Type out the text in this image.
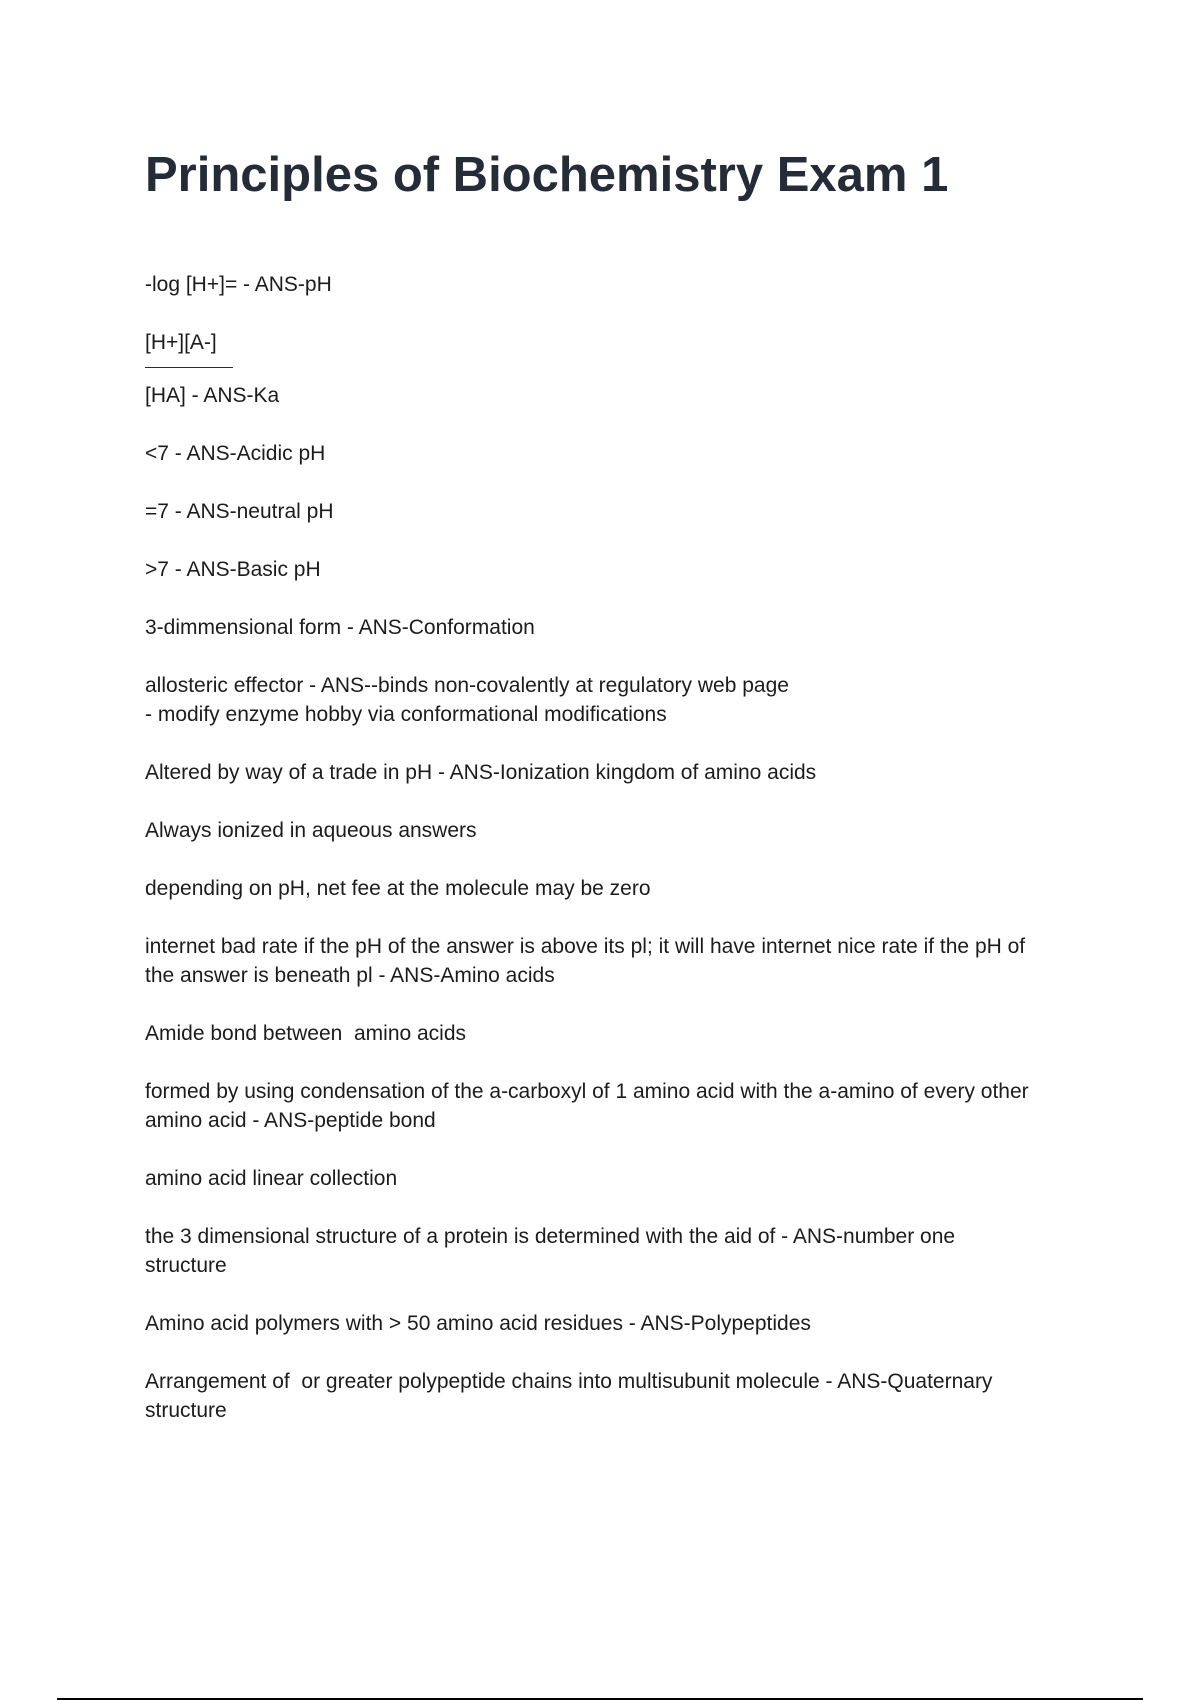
Principles of Biochemistry Exam 1

-log [H+]= - ANS-pH

[H+][A-]
[HA] - ANS-Ka

<7 - ANS-Acidic pH

=7 - ANS-neutral pH

>7 - ANS-Basic pH

3-dimmensional form - ANS-Conformation

allosteric effector - ANS--binds non-covalently at regulatory web page
- modify enzyme hobby via conformational modifications

Altered by way of a trade in pH - ANS-Ionization kingdom of amino acids

Always ionized in aqueous answers

depending on pH, net fee at the molecule may be zero

internet bad rate if the pH of the answer is above its pl; it will have internet nice rate if the pH of
the answer is beneath pl - ANS-Amino acids

Amide bond between  amino acids

formed by using condensation of the a-carboxyl of 1 amino acid with the a-amino of every other
amino acid - ANS-peptide bond

amino acid linear collection

the 3 dimensional structure of a protein is determined with the aid of - ANS-number one
structure

Amino acid polymers with > 50 amino acid residues - ANS-Polypeptides

Arrangement of  or greater polypeptide chains into multisubunit molecule - ANS-Quaternary
structure
